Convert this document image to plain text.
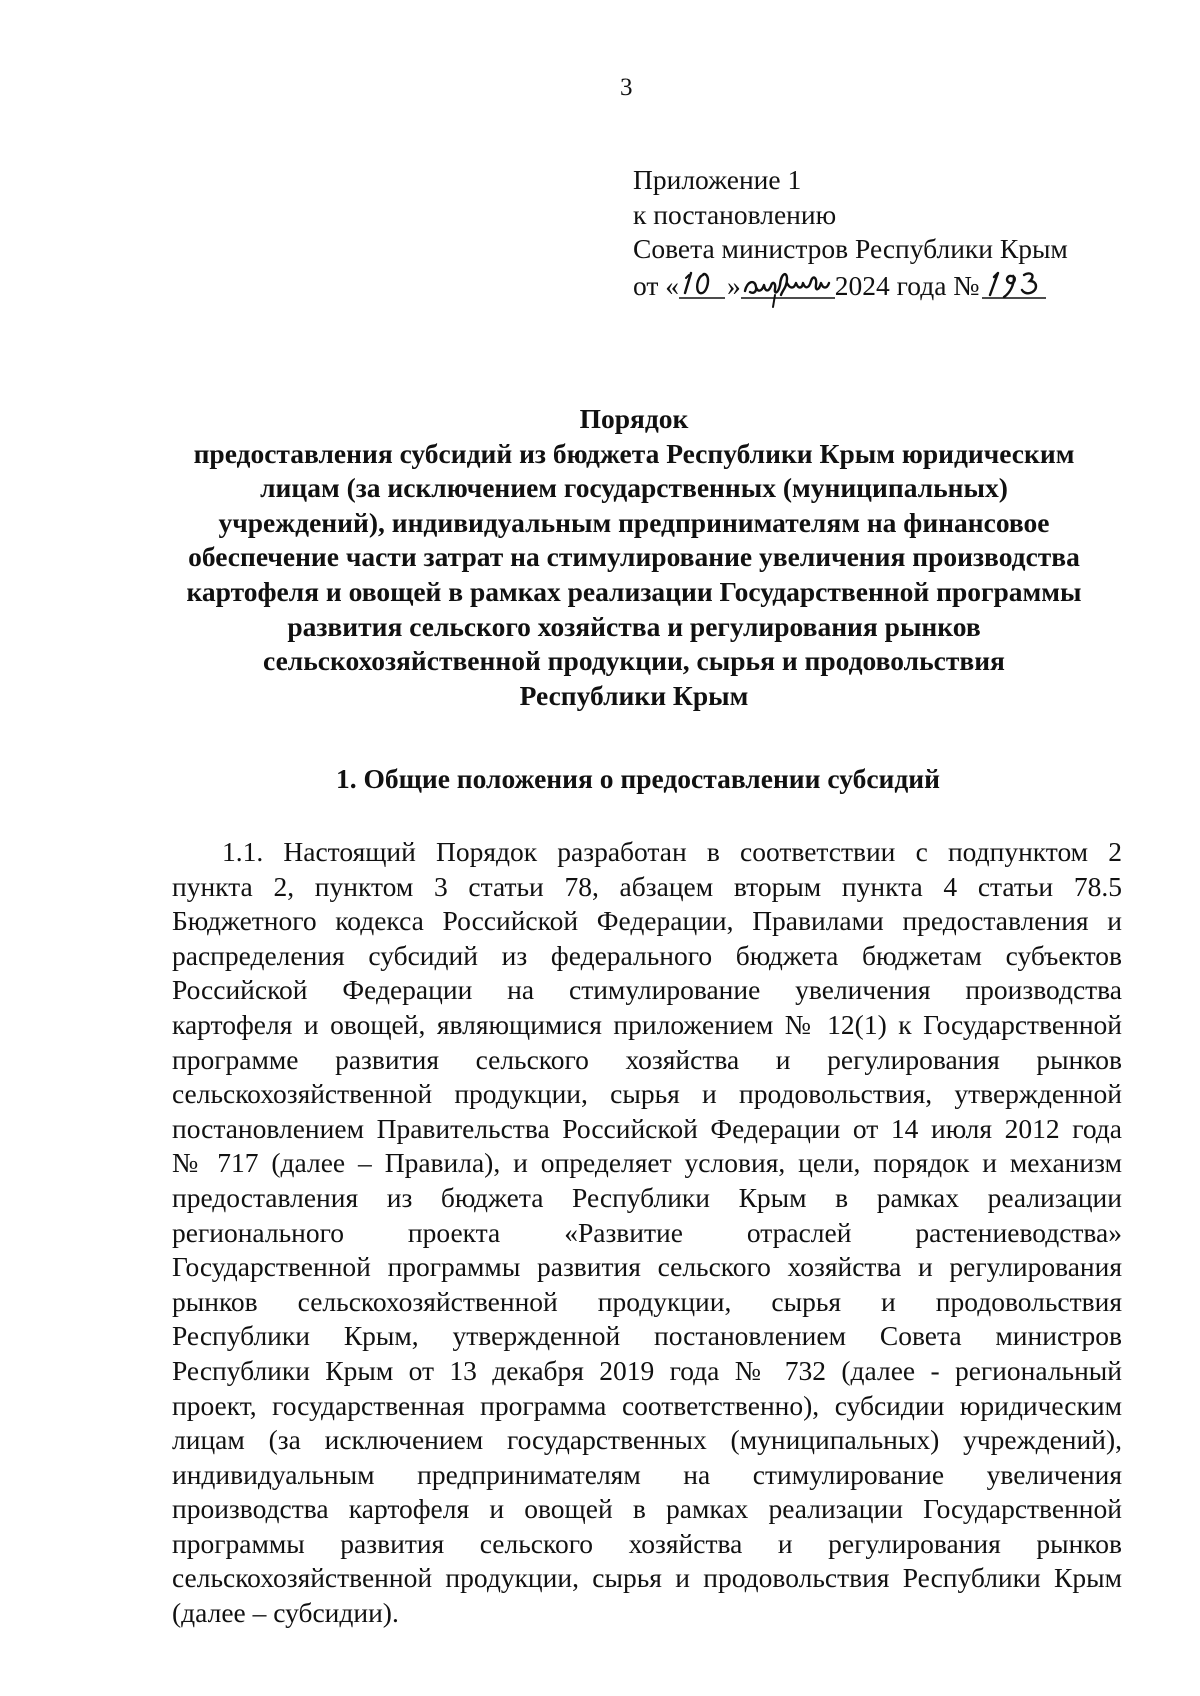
3
Приложение 1
к постановлению
Совета министров Республики Крым
от « »	2024 года №
Порядок
предоставления субсидий из бюджета Республики Крым юридическим
лицам (за исключением государственных (муниципальных)
учреждений), индивидуальным предпринимателям на финансовое
обеспечение части затрат на стимулирование увеличения производства
картофеля и овощей в рамках реализации Государственной программы
развития сельского хозяйства и регулирования рынков
сельскохозяйственной продукции, сырья и продовольствия
Республики Крым
1. Общие положения о предоставлении субсидий
1.1. Настоящий Порядок разработан в соответствии с подпунктом 2
пункта 2, пунктом 3 статьи 78, абзацем вторым пункта 4 статьи 78.5
Бюджетного кодекса Российской Федерации, Правилами предоставления и
распределения субсидий из федерального бюджета бюджетам субъектов
Российской Федерации на стимулирование увеличения производства
картофеля и овощей, являющимися приложением № 12(1) к Государственной
программе развития сельского хозяйства и регулирования рынков
сельскохозяйственной продукции, сырья и продовольствия, утвержденной
постановлением Правительства Российской Федерации от 14 июля 2012 года
№ 717 (далее – Правила), и определяет условия, цели, порядок и механизм
предоставления из бюджета Республики Крым в рамках реализации
регионального проекта «Развитие отраслей растениеводства»
Государственной программы развития сельского хозяйства и регулирования
рынков сельскохозяйственной продукции, сырья и продовольствия
Республики Крым, утвержденной постановлением Совета министров
Республики Крым от 13 декабря 2019 года № 732 (далее - региональный
проект, государственная программа соответственно), субсидии юридическим
лицам (за исключением государственных (муниципальных) учреждений),
индивидуальным предпринимателям на стимулирование увеличения
производства картофеля и овощей в рамках реализации Государственной
программы развития сельского хозяйства и регулирования рынков
сельскохозяйственной продукции, сырья и продовольствия Республики Крым
(далее – субсидии).
